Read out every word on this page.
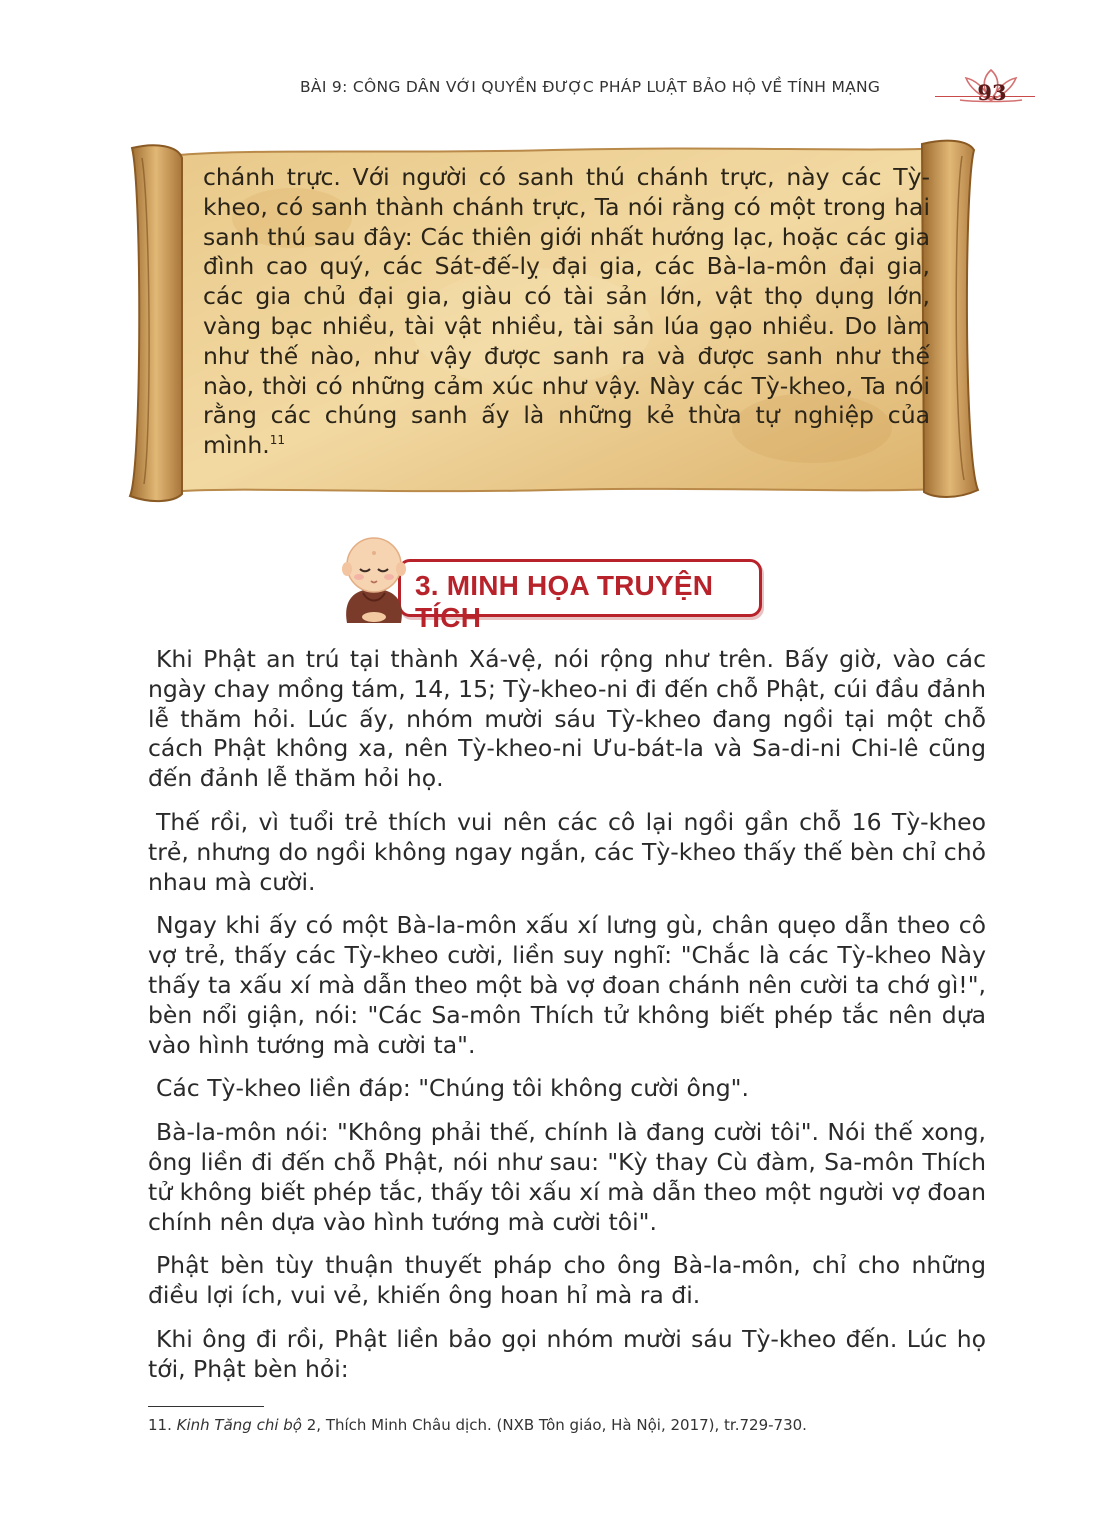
BÀI 9: CÔNG DÂN VỚI QUYỀN ĐƯỢC PHÁP LUẬT BẢO HỘ VỀ TÍNH MẠNG	93

chánh trực. Với người có sanh thú chánh trực, này các Tỳ-kheo, có sanh thành chánh trực, Ta nói rằng có một trong hai sanh thú sau đây: Các thiên giới nhất hướng lạc, hoặc các gia đình cao quý, các Sát-đế-lỵ đại gia, các Bà-la-môn đại gia, các gia chủ đại gia, giàu có tài sản lớn, vật thọ dụng lớn, vàng bạc nhiều, tài vật nhiều, tài sản lúa gạo nhiều. Do làm như thế nào, như vậy được sanh ra và được sanh như thế nào, thời có những cảm xúc như vậy. Này các Tỳ-kheo, Ta nói rằng các chúng sanh ấy là những kẻ thừa tự nghiệp của mình.$^{11}$

3. MINH HỌA TRUYỆN TÍCH

Khi Phật an trú tại thành Xá-vệ, nói rộng như trên. Bấy giờ, vào các ngày chay mồng tám, 14, 15; Tỳ-kheo-ni đi đến chỗ Phật, cúi đầu đảnh lễ thăm hỏi. Lúc ấy, nhóm mười sáu Tỳ-kheo đang ngồi tại một chỗ cách Phật không xa, nên Tỳ-kheo-ni Ưu-bát-la và Sa-di-ni Chi-lê cũng đến đảnh lễ thăm hỏi họ.

Thế rồi, vì tuổi trẻ thích vui nên các cô lại ngồi gần chỗ 16 Tỳ-kheo trẻ, nhưng do ngồi không ngay ngắn, các Tỳ-kheo thấy thế bèn chỉ chỏ nhau mà cười.

Ngay khi ấy có một Bà-la-môn xấu xí lưng gù, chân quẹo dẫn theo cô vợ trẻ, thấy các Tỳ-kheo cười, liền suy nghĩ: "Chắc là các Tỳ-kheo Này thấy ta xấu xí mà dẫn theo một bà vợ đoan chánh nên cười ta chớ gì!", bèn nổi giận, nói: "Các Sa-môn Thích tử không biết phép tắc nên dựa vào hình tướng mà cười ta".

Các Tỳ-kheo liền đáp: "Chúng tôi không cười ông".

Bà-la-môn nói: "Không phải thế, chính là đang cười tôi". Nói thế xong, ông liền đi đến chỗ Phật, nói như sau: "Kỳ thay Cù đàm, Sa-môn Thích tử không biết phép tắc, thấy tôi xấu xí mà dẫn theo một người vợ đoan chính nên dựa vào hình tướng mà cười tôi".

Phật bèn tùy thuận thuyết pháp cho ông Bà-la-môn, chỉ cho những điều lợi ích, vui vẻ, khiến ông hoan hỉ mà ra đi.

Khi ông đi rồi, Phật liền bảo gọi nhóm mười sáu Tỳ-kheo đến. Lúc họ tới, Phật bèn hỏi:

11. Kinh Tăng chi bộ 2, Thích Minh Châu dịch. (NXB Tôn giáo, Hà Nội, 2017), tr.729-730.
